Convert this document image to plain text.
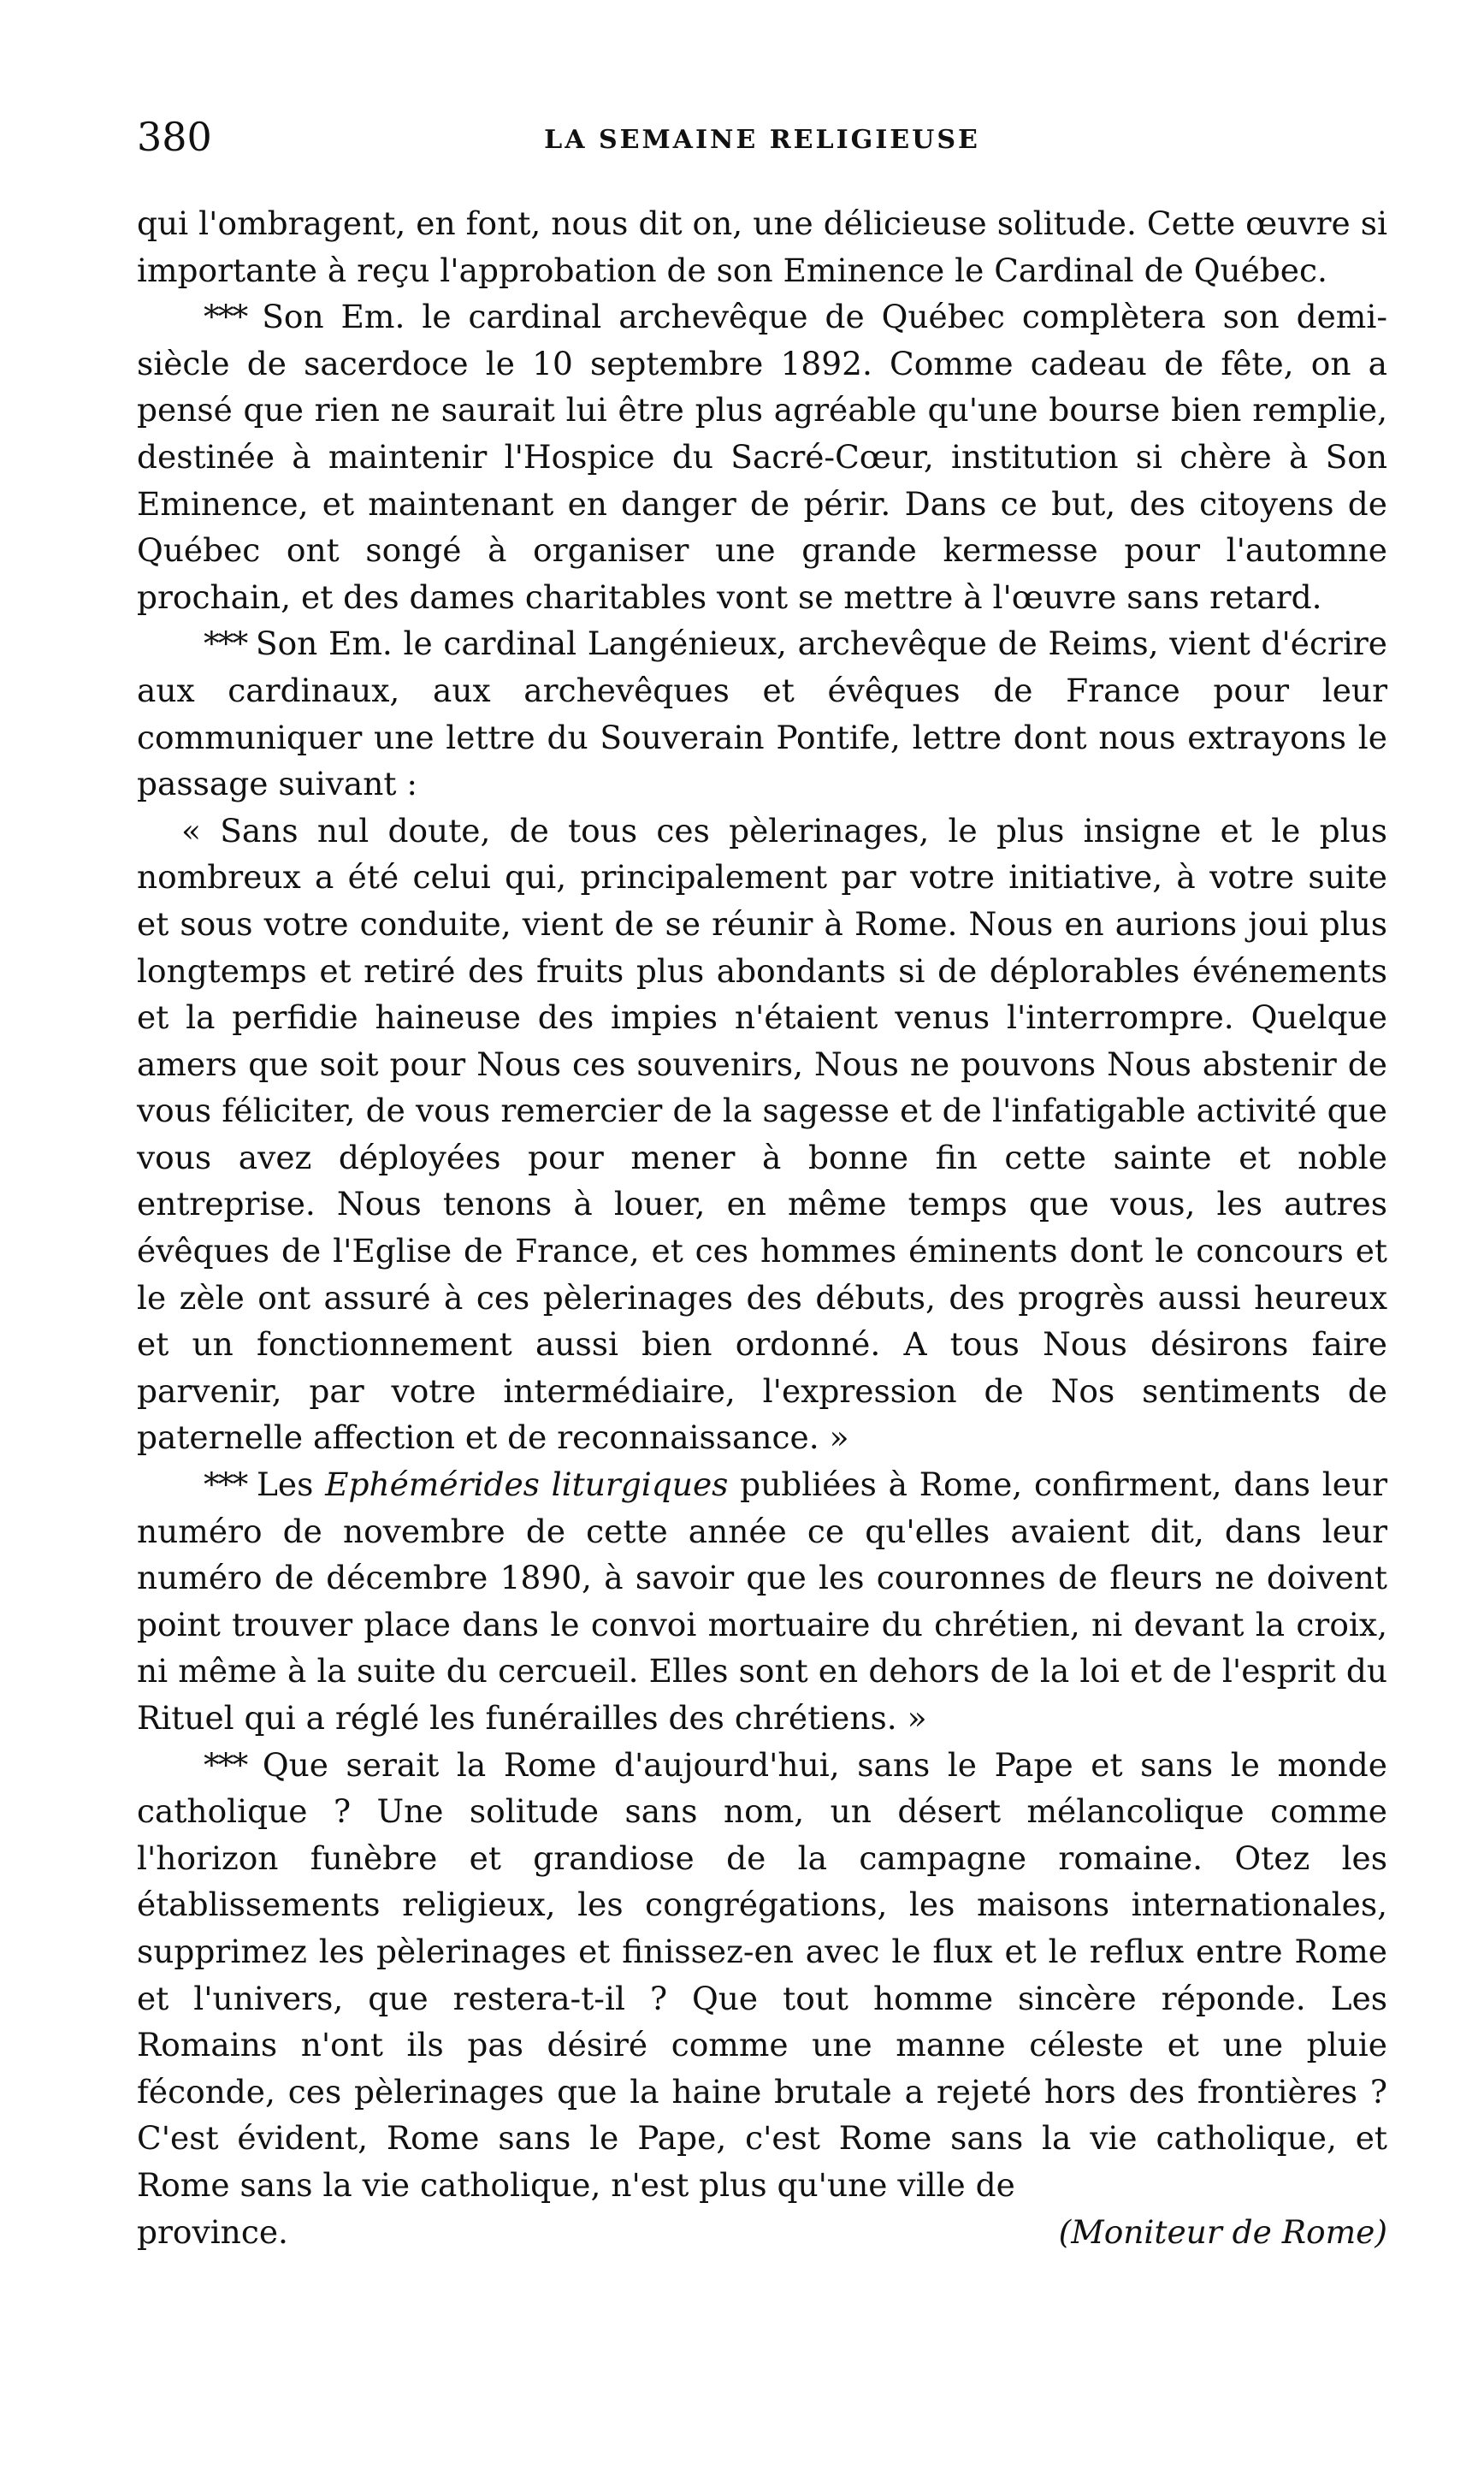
380	LA SEMAINE RELIGIEUSE

qui l'ombragent, en font, nous dit on, une délicieuse solitude. Cette œuvre si importante à reçu l'approbation de son Eminence le Cardinal de Québec.

*** Son Em. le cardinal archevêque de Québec complètera son demi-siècle de sacerdoce le 10 septembre 1892. Comme cadeau de fête, on a pensé que rien ne saurait lui être plus agréable qu'une bourse bien remplie, destinée à maintenir l'Hospice du Sacré-Cœur, institution si chère à Son Eminence, et maintenant en danger de périr. Dans ce but, des citoyens de Québec ont songé à organiser une grande kermesse pour l'automne prochain, et des dames charitables vont se mettre à l'œuvre sans retard.

*** Son Em. le cardinal Langénieux, archevêque de Reims, vient d'écrire aux cardinaux, aux archevêques et évêques de France pour leur communiquer une lettre du Souverain Pontife, lettre dont nous extrayons le passage suivant :

« Sans nul doute, de tous ces pèlerinages, le plus insigne et le plus nombreux a été celui qui, principalement par votre initiative, à votre suite et sous votre conduite, vient de se réunir à Rome. Nous en aurions joui plus longtemps et retiré des fruits plus abondants si de déplorables événements et la perfidie haineuse des impies n'étaient venus l'interrompre. Quelque amers que soit pour Nous ces souvenirs, Nous ne pouvons Nous abstenir de vous féliciter, de vous remercier de la sagesse et de l'infatigable activité que vous avez déployées pour mener à bonne fin cette sainte et noble entreprise. Nous tenons à louer, en même temps que vous, les autres évêques de l'Eglise de France, et ces hommes éminents dont le concours et le zèle ont assuré à ces pèlerinages des débuts, des progrès aussi heureux et un fonctionnement aussi bien ordonné. A tous Nous désirons faire parvenir, par votre intermédiaire, l'expression de Nos sentiments de paternelle affection et de reconnaissance. »

*** Les Ephémérides liturgiques publiées à Rome, confirment, dans leur numéro de novembre de cette année ce qu'elles avaient dit, dans leur numéro de décembre 1890, à savoir que les couronnes de fleurs ne doivent point trouver place dans le convoi mortuaire du chrétien, ni devant la croix, ni même à la suite du cercueil. Elles sont en dehors de la loi et de l'esprit du Rituel qui a réglé les funérailles des chrétiens. »

*** Que serait la Rome d'aujourd'hui, sans le Pape et sans le monde catholique ? Une solitude sans nom, un désert mélancolique comme l'horizon funèbre et grandiose de la campagne romaine. Otez les établissements religieux, les congrégations, les maisons internationales, supprimez les pèlerinages et finissez-en avec le flux et le reflux entre Rome et l'univers, que restera-t-il ? Que tout homme sincère réponde. Les Romains n'ont ils pas désiré comme une manne céleste et une pluie féconde, ces pèlerinages que la haine brutale a rejeté hors des frontières ? C'est évident, Rome sans le Pape, c'est Rome sans la vie catholique, et Rome sans la vie catholique, n'est plus qu'une ville de

province.	(Moniteur de Rome)
